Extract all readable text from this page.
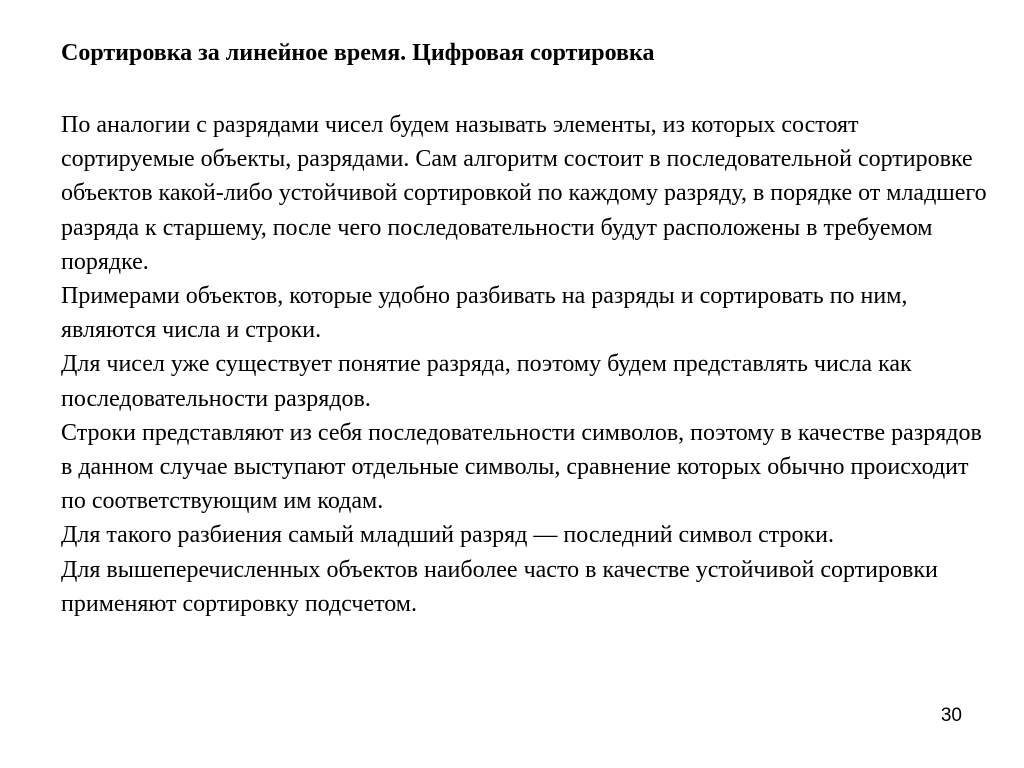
Сортировка за линейное время. Цифровая сортировка

По аналогии с разрядами чисел будем называть элементы, из которых состоят сортируемые объекты, разрядами. Сам алгоритм состоит в последовательной сортировке объектов какой-либо устойчивой сортировкой по каждому разряду, в порядке от младшего разряда к старшему, после чего последовательности будут расположены в требуемом порядке.

Примерами объектов, которые удобно разбивать на разряды и сортировать по ним, являются числа и строки.

Для чисел уже существует понятие разряда, поэтому будем представлять числа как последовательности разрядов.

Строки представляют из себя последовательности символов, поэтому в качестве разрядов в данном случае выступают отдельные символы, сравнение которых обычно происходит по соответствующим им кодам.

Для такого разбиения самый младший разряд — последний символ строки.

Для вышеперечисленных объектов наиболее часто в качестве устойчивой сортировки применяют сортировку подсчетом.

30
